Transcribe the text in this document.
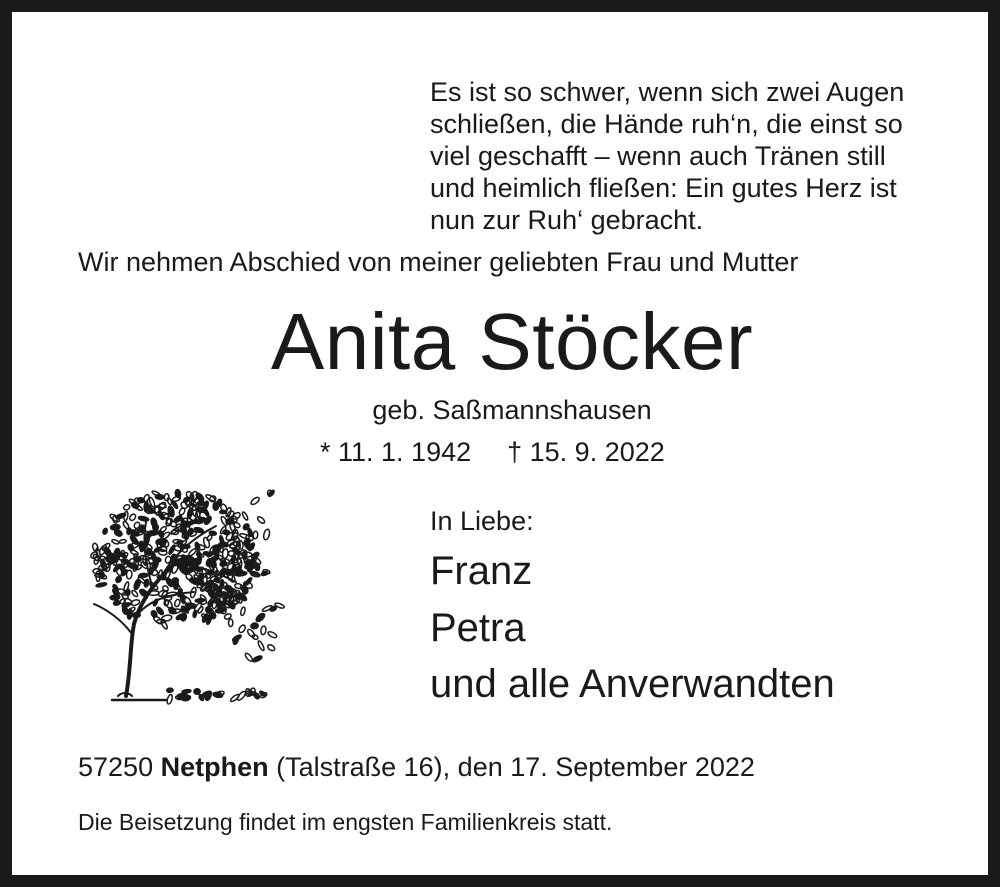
Es ist so schwer, wenn sich zwei Augen
schließen, die Hände ruh‘n, die einst so
viel geschafft – wenn auch Tränen still
und heimlich fließen: Ein gutes Herz ist
nun zur Ruh‘ gebracht.
Wir nehmen Abschied von meiner geliebten Frau und Mutter
Anita Stöcker
geb. Saßmannshausen
* 11. 1. 1942 † 15. 9. 2022
In Liebe:
Franz
Petra
und alle Anverwandten
57250 Netphen (Talstraße 16), den 17. September 2022
Die Beisetzung findet im engsten Familienkreis statt.
